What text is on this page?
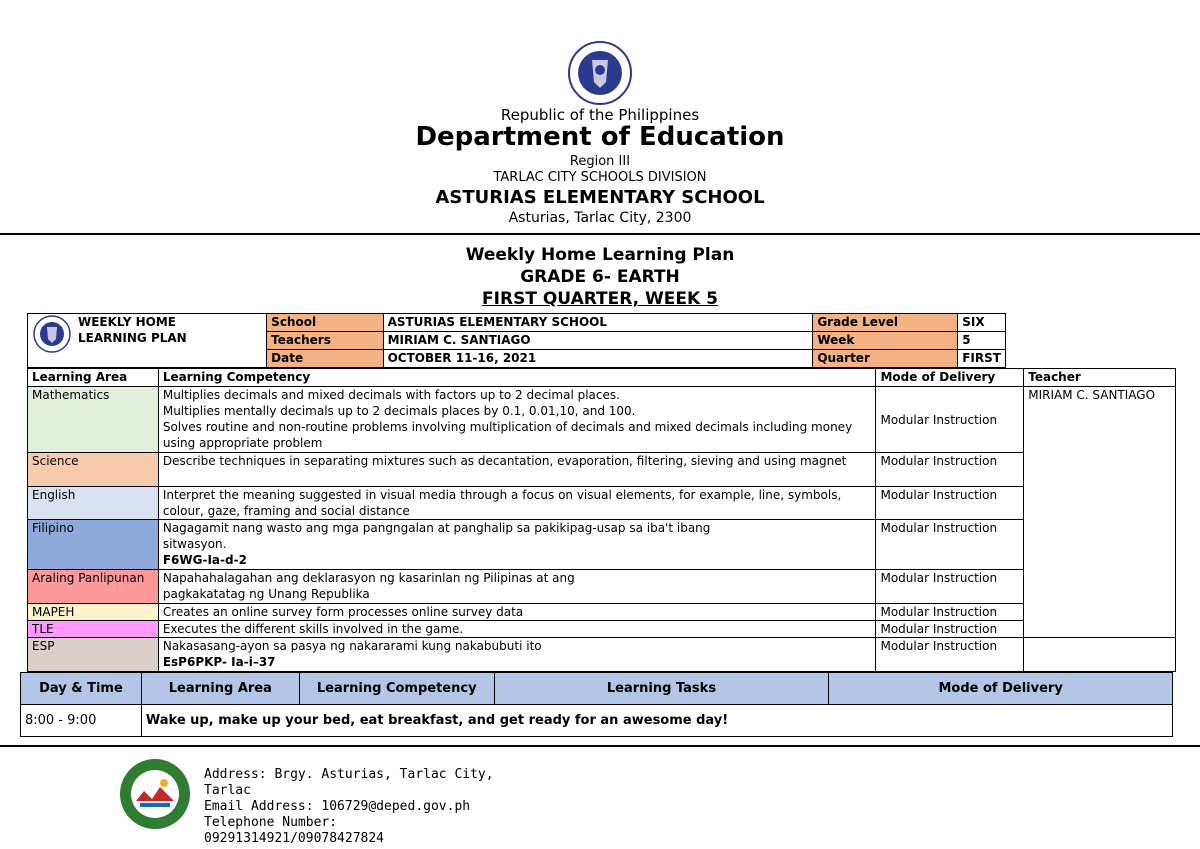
Republic of the Philippines
Department of Education
Region III
TARLAC CITY SCHOOLS DIVISION
ASTURIAS ELEMENTARY SCHOOL
Asturias, Tarlac City, 2300
Weekly Home Learning Plan
GRADE 6- EARTH
FIRST QUARTER, WEEK 5
WEEKLY HOME LEARNING PLAN	School	ASTURIAS ELEMENTARY SCHOOL	Grade Level	SIX
	Teachers	MIRIAM C. SANTIAGO	Week	5
	Date	OCTOBER 11-16, 2021	Quarter	FIRST
Learning Area	Learning Competency	Mode of Delivery	Teacher
Mathematics	Multiplies decimals and mixed decimals with factors up to 2 decimal places.
Multiplies mentally decimals up to 2 decimals places by 0.1, 0.01,10, and 100.
Solves routine and non-routine problems involving multiplication of decimals and mixed decimals including money using appropriate problem	Modular Instruction	MIRIAM C. SANTIAGO
Science	Describe techniques in separating mixtures such as decantation, evaporation, filtering, sieving and using magnet	Modular Instruction	
English	Interpret the meaning suggested in visual media through a focus on visual elements, for example, line, symbols, colour, gaze, framing and social distance	Modular Instruction	
Filipino	Nagagamit nang wasto ang mga pangngalan at panghalip sa pakikipag-usap sa iba't ibang sitwasyon.
F6WG-Ia-d-2	Modular Instruction	
Araling Panlipunan	Napahahalagahan ang deklarasyon ng kasarinlan ng Pilipinas at ang pagkakatatag ng Unang Republika	Modular Instruction	
MAPEH	Creates an online survey form processes online survey data	Modular Instruction	
TLE	Executes the different skills involved in the game.	Modular Instruction	
ESP	Nakasasang-ayon sa pasya ng nakararami kung nakabubuti ito
EsP6PKP- Ia-i–37	Modular Instruction	
Day & Time	Learning Area	Learning Competency	Learning Tasks	Mode of Delivery
8:00 - 9:00	Wake up, make up your bed, eat breakfast, and get ready for an awesome day!			
Address: Brgy. Asturias, Tarlac City, Tarlac
Email Address: 106729@deped.gov.ph
Telephone Number:
09291314921/09078427824
